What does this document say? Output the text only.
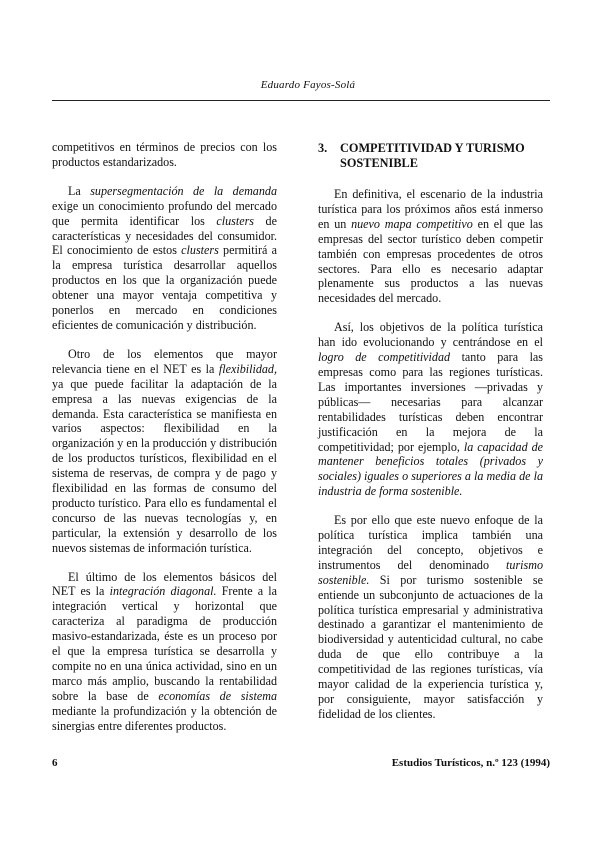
Eduardo Fayos-Solá

competitivos en términos de precios con los productos estandarizados.

La supersegmentación de la demanda exige un conocimiento profundo del mercado que permita identificar los clusters de características y necesidades del consumidor. El conocimiento de estos clusters permitirá a la empresa turística desarrollar aquellos productos en los que la organización puede obtener una mayor ventaja competitiva y ponerlos en mercado en condiciones eficientes de comunicación y distribución.

Otro de los elementos que mayor relevancia tiene en el NET es la flexibilidad, ya que puede facilitar la adaptación de la empresa a las nuevas exigencias de la demanda. Esta característica se manifiesta en varios aspectos: flexibilidad en la organización y en la producción y distribución de los productos turísticos, flexibilidad en el sistema de reservas, de compra y de pago y flexibilidad en las formas de consumo del producto turístico. Para ello es fundamental el concurso de las nuevas tecnologías y, en particular, la extensión y desarrollo de los nuevos sistemas de información turística.

El último de los elementos básicos del NET es la integración diagonal. Frente a la integración vertical y horizontal que caracteriza al paradigma de producción masivo-estandarizada, éste es un proceso por el que la empresa turística se desarrolla y compite no en una única actividad, sino en un marco más amplio, buscando la rentabilidad sobre la base de economías de sistema mediante la profundización y la obtención de sinergias entre diferentes productos.

3.	COMPETITIVIDAD Y TURISMO SOSTENIBLE

En definitiva, el escenario de la industria turística para los próximos años está inmerso en un nuevo mapa competitivo en el que las empresas del sector turístico deben competir también con empresas procedentes de otros sectores. Para ello es necesario adaptar plenamente sus productos a las nuevas necesidades del mercado.

Así, los objetivos de la política turística han ido evolucionando y centrándose en el logro de competitividad tanto para las empresas como para las regiones turísticas. Las importantes inversiones —privadas y públicas— necesarias para alcanzar rentabilidades turísticas deben encontrar justificación en la mejora de la competitividad; por ejemplo, la capacidad de mantener beneficios totales (privados y sociales) iguales o superiores a la media de la industria de forma sostenible.

Es por ello que este nuevo enfoque de la política turística implica también una integración del concepto, objetivos e instrumentos del denominado turismo sostenible. Si por turismo sostenible se entiende un subconjunto de actuaciones de la política turística empresarial y administrativa destinado a garantizar el mantenimiento de biodiversidad y autenticidad cultural, no cabe duda de que ello contribuye a la competitividad de las regiones turísticas, vía mayor calidad de la experiencia turística y, por consiguiente, mayor satisfacción y fidelidad de los clientes.

6	Estudios Turísticos, n.º 123 (1994)
